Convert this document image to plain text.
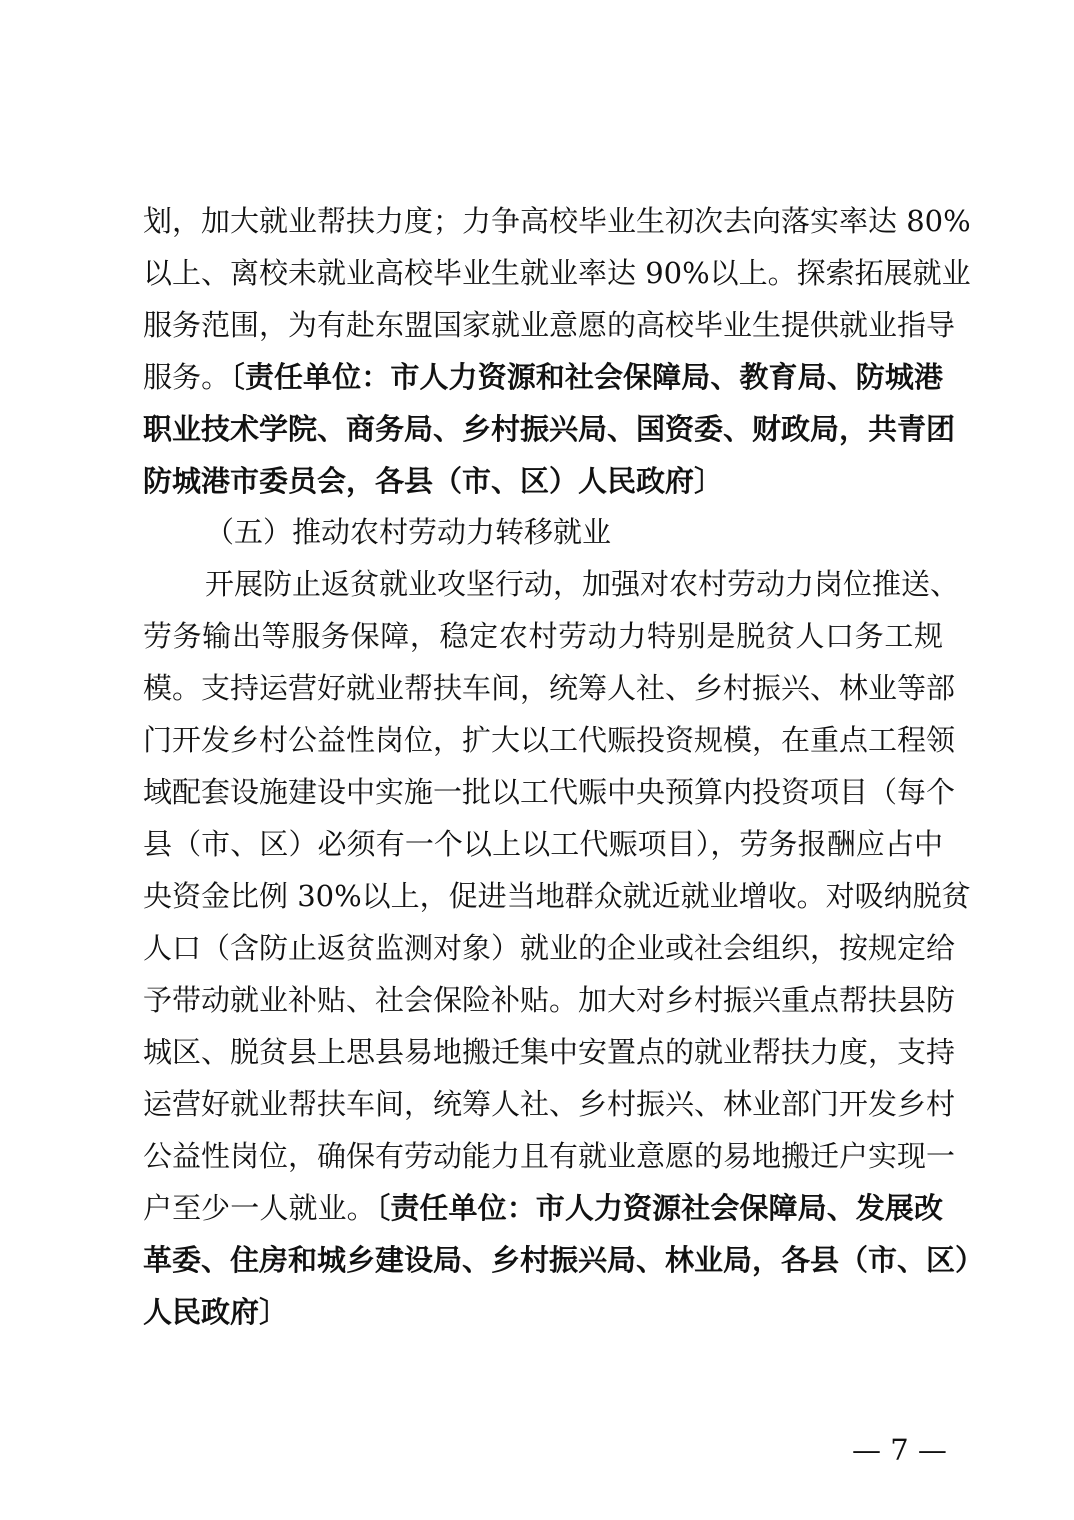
划，加大就业帮扶力度；力争高校毕业生初次去向落实率达 80%
以上、离校未就业高校毕业生就业率达 90%以上。探索拓展就业
服务范围，为有赴东盟国家就业意愿的高校毕业生提供就业指导
服务。〔责任单位：市人力资源和社会保障局、教育局、防城港
职业技术学院、商务局、乡村振兴局、国资委、财政局，共青团
防城港市委员会，各县（市、区）人民政府〕
（五）推动农村劳动力转移就业
开展防止返贫就业攻坚行动，加强对农村劳动力岗位推送、
劳务输出等服务保障，稳定农村劳动力特别是脱贫人口务工规
模。支持运营好就业帮扶车间，统筹人社、乡村振兴、林业等部
门开发乡村公益性岗位，扩大以工代赈投资规模，在重点工程领
域配套设施建设中实施一批以工代赈中央预算内投资项目（每个
县（市、区）必须有一个以上以工代赈项目），劳务报酬应占中
央资金比例 30%以上，促进当地群众就近就业增收。对吸纳脱贫
人口（含防止返贫监测对象）就业的企业或社会组织，按规定给
予带动就业补贴、社会保险补贴。加大对乡村振兴重点帮扶县防
城区、脱贫县上思县易地搬迁集中安置点的就业帮扶力度，支持
运营好就业帮扶车间，统筹人社、乡村振兴、林业部门开发乡村
公益性岗位，确保有劳动能力且有就业意愿的易地搬迁户实现一
户至少一人就业。〔责任单位：市人力资源社会保障局、发展改
革委、住房和城乡建设局、乡村振兴局、林业局，各县（市、区）
人民政府〕
— 7 —
